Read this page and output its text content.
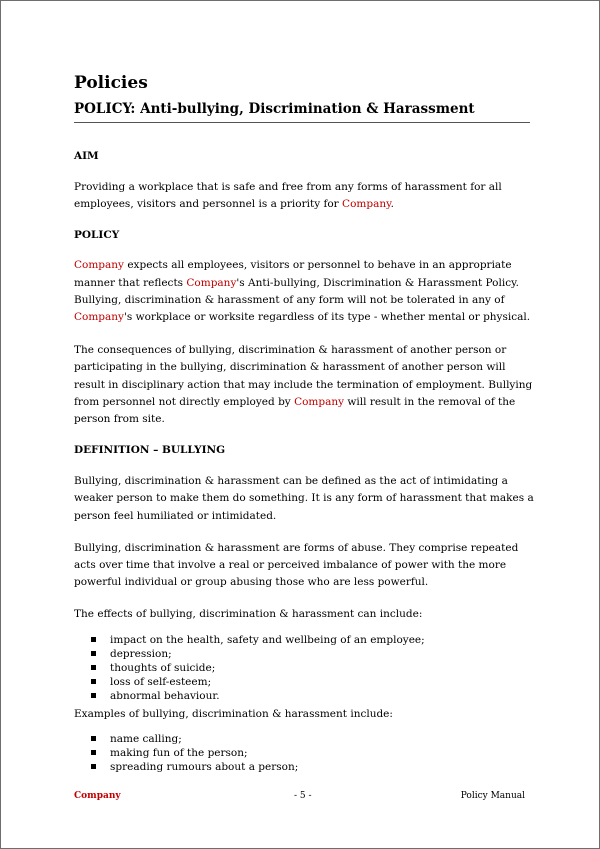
Policies
POLICY: Anti-bullying, Discrimination & Harassment
AIM

Providing a workplace that is safe and free from any forms of harassment for all employees, visitors and personnel is a priority for Company.

POLICY

Company expects all employees, visitors or personnel to behave in an appropriate manner that reflects Company's Anti-bullying, Discrimination & Harassment Policy. Bullying, discrimination & harassment of any form will not be tolerated in any of Company's workplace or worksite regardless of its type - whether mental or physical.

The consequences of bullying, discrimination & harassment of another person or participating in the bullying, discrimination & harassment of another person will result in disciplinary action that may include the termination of employment. Bullying from personnel not directly employed by Company will result in the removal of the person from site.

DEFINITION – BULLYING

Bullying, discrimination & harassment can be defined as the act of intimidating a weaker person to make them do something. It is any form of harassment that makes a person feel humiliated or intimidated.

Bullying, discrimination & harassment are forms of abuse. They comprise repeated acts over time that involve a real or perceived imbalance of power with the more powerful individual or group abusing those who are less powerful.

The effects of bullying, discrimination & harassment can include:

impact on the health, safety and wellbeing of an employee;
depression;
thoughts of suicide;
loss of self-esteem;
abnormal behaviour.

Examples of bullying, discrimination & harassment include:

name calling;
making fun of the person;
spreading rumours about a person;
Company	- 5 -	Policy Manual
